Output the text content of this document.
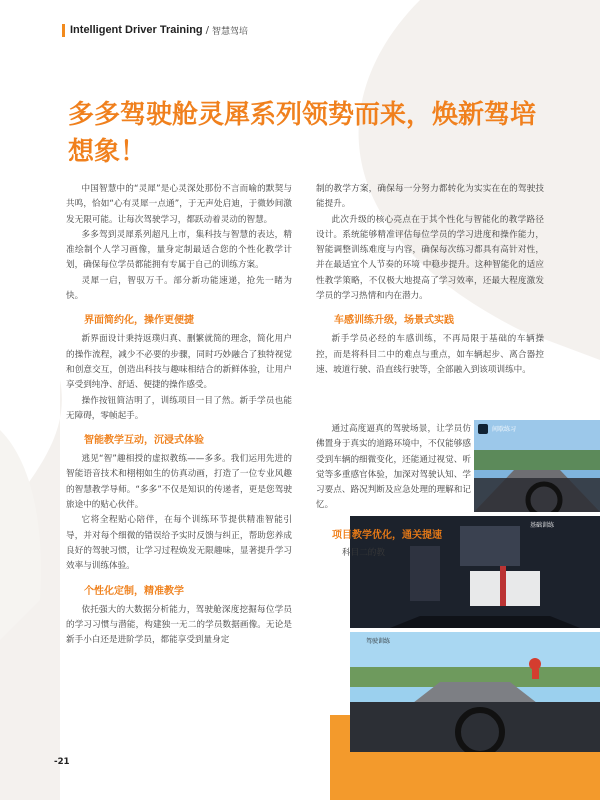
Intelligent Driver Training / 智慧驾培
多多驾驶舱灵犀系列领势而来，焕新驾培想象！

中国智慧中的“灵犀”是心灵深处那份不言而喻的默契与共鸣，恰如“心有灵犀一点通”，于无声处启迪，于微妙间激发无限可能。让每次驾驶学习，都跃动着灵动的智慧。

多多驾到灵犀系列超凡上市，集科技与智慧的表达，精准绘制个人学习画像，量身定制最适合您的个性化教学计划，确保每位学员都能拥有专属于自己的训练方案。

灵犀一启，智驭万千。部分新功能速递，抢先一睹为快。

界面简约化，操作更便捷

新界面设计秉持返璞归真、删繁就简的理念，简化用户的操作流程，减少不必要的步骤，同时巧妙融合了独特视觉和创意交互，创造出科技与趣味相结合的新鲜体验，让用户享受到纯净、舒适、便捷的操作感受。

操作按钮简洁明了，训练项目一目了然。新手学员也能无障碍，零帧起手。

智能教学互动，沉浸式体验

逃见“智”趣相授的虚拟教练——多多。我们运用先进的智能语音技术和栩栩如生的仿真动画，打造了一位专业风趣的智慧教学导师。“多多”不仅是知识的传递者，更是您驾驶旅途中的贴心伙伴。

它将全程贴心陪伴，在每个训练环节提供精准智能引导，并对每个细微的错误给予实时反馈与纠正，帮助您养成良好的驾驶习惯，让学习过程焕发无限趣味，显著提升学习效率与训练体验。

个性化定制，精准教学

依托强大的大数据分析能力，驾驶舱深度挖掘每位学员的学习习惯与潜能，构建独一无二的学员数据画像。无论是新手小白还是进阶学员，都能享受到量身定

制的教学方案，确保每一分努力都转化为实实在在的驾驶技能提升。

此次升级的核心亮点在于其个性化与智能化的教学路径设计。系统能够精准评估每位学员的学习进度和操作能力，智能调整训练难度与内容，确保每次练习都具有高针对性，并在最适宜个人节奏的环境 中稳步提升。这种智能化的适应性教学策略，不仅极大地提高了学习效率，还最大程度激发学员的学习热情和内在潜力。

车感训练升级，场景式实践

新手学员必经的车感训练，不再局限于基础的车辆操控，而是将科目二中的难点与重点，如车辆起步、离合器控速、坡道行驶、沿直线行驶等，全部融入到该项训练中。

通过高度逼真的驾驶场景，让学员仿佛置身于真实的道路环境中，不仅能够感受到车辆的细微变化，还能通过视觉、听觉等多重感官体验，加深对驾驶认知、学习要点、路况判断及应急处理的理解和记忆。

项目教学优化，通关提速
科目二的教
间歇练习
基础训练
驾驶训练
-21
